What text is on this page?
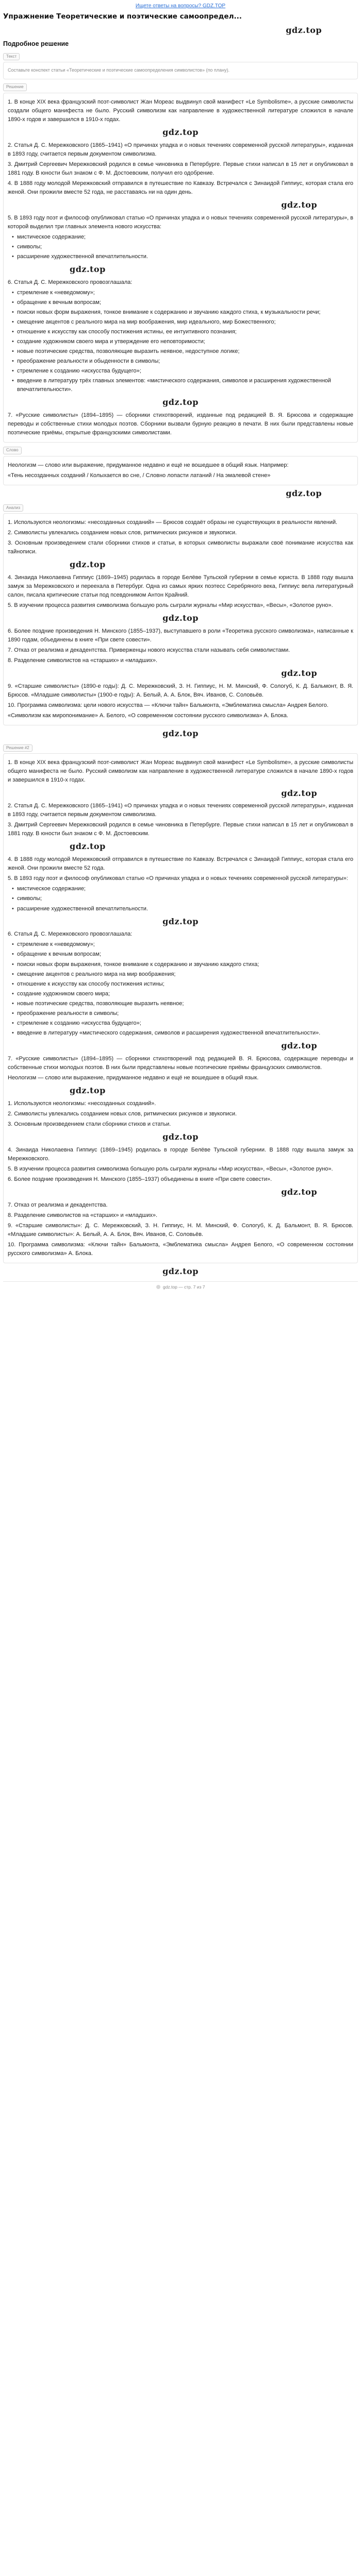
Ищете ответы на вопросы? GDZ.TOP
Упражнение Теоретические и поэтические самоопредел...
gdz.top
Подробное решение
Текст

Составьте конспект статьи «Теоретические и поэтические самоопределения символистов» (по плану).

Решение

1. В конце XIX века французский поэт-символист Жан Мореас выдвинул свой манифест «Le Symbolisme», а русские символисты создали общего манифеста не было. Русский символизм как направление в художественной литературе сложился в начале 1890-х годов и завершился в 1910-х годах.

gdz.top

2. Статья Д. С. Мережковского (1865–1941) «О причинах упадка и о новых течениях современной русской литературы», изданная в 1893 году, считается первым документом символизма.

3. Дмитрий Сергеевич Мережковский родился в семье чиновника в Петербурге. Первые стихи написал в 15 лет и опубликовал в 1881 году. В юности был знаком с Ф. М. Достоевским, получил его одобрение.

4. В 1888 году молодой Мережковский отправился в путешествие по Кавказу. Встречался с Зинаидой Гиппиус, которая стала его женой. Они прожили вместе 52 года, не расставаясь ни на один день.

gdz.top

5. В 1893 году поэт и философ опубликовал статью «О причинах упадка и о новых течениях современной русской литературы», в которой выделил три главных элемента нового искусства:

• мистическое содержание;
• символы;
• расширение художественной впечатлительности.
gdz.top

6. Статья Д. С. Мережковского провозглашала:

• стремление к «неведомому»;
• обращение к вечным вопросам;
• поиски новых форм выражения, тонкое внимание к содержанию и звучанию каждого стиха, к музыкальности речи;
• смещение акцентов с реального мира на мир воображения, мир идеального, мир Божественного;
• отношение к искусству как способу постижения истины, ее интуитивного познания;
• создание художником своего мира и утверждение его неповторимости;
• новые поэтические средства, позволяющие выразить неявное, недоступное логике;
• преображение реальности и обыденности в символы;
• стремление к созданию «искусства будущего»;
• введение в литературу трёх главных элементов: «мистического содержания, символов и расширения художественной впечатлительности».
gdz.top

7. «Русские символисты» (1894–1895) — сборники стихотворений, изданные под редакцией В. Я. Брюсова и содержащие переводы и собственные стихи молодых поэтов. Сборники вызвали бурную реакцию в печати. В них были представлены новые поэтические приёмы, открытые французскими символистами.

Слово

Неологизм — слово или выражение, придуманное недавно и ещё не вошедшее в общий язык. Например:

«Тень несозданных созданий / Колыхается во сне, / Словно лопасти латаний / На эмалевой стене»

gdz.top
Анализ

1. Используются неологизмы: «несозданных созданий» — Брюсов создаёт образы не существующих в реальности явлений.

2. Символисты увлекались созданием новых слов, ритмических рисунков и звукописи.

3. Основным произведением стали сборники стихов и статьи, в которых символисты выражали своё понимание искусства как тайнописи.

gdz.top

4. Зинаида Николаевна Гиппиус (1869–1945) родилась в городе Белёве Тульской губернии в семье юриста. В 1888 году вышла замуж за Мережковского и переехала в Петербург. Одна из самых ярких поэтесс Серебряного века, Гиппиус вела литературный салон, писала критические статьи под псевдонимом Антон Крайний.

5. В изучении процесса развития символизма большую роль сыграли журналы «Мир искусства», «Весы», «Золотое руно».

gdz.top

6. Более поздние произведения Н. Минского (1855–1937), выступавшего в роли «Теоретика русского символизма», написанные к 1890 годам, объединены в книге «При свете совести».

7. Отказ от реализма и декадентства. Приверженцы нового искусства стали называть себя символистами.

8. Разделение символистов на «старших» и «младших».

gdz.top

9. «Старшие символисты» (1890-е годы): Д. С. Мережковский, З. Н. Гиппиус, Н. М. Минский, Ф. Сологуб, К. Д. Бальмонт, В. Я. Брюсов. «Младшие символисты» (1900-е годы): А. Белый, А. А. Блок, Вяч. Иванов, С. Соловьёв.

10. Программа символизма: цели нового искусства — «Ключи тайн» Бальмонта, «Эмблематика смысла» Андрея Белого.

«Символизм как миропонимание» А. Белого, «О современном состоянии русского символизма» А. Блока.

gdz.top
Решение #2

1. В конце XIX века французский поэт-символист Жан Мореас выдвинул свой манифест «Le Symbolisme», а русские символисты общего манифеста не было. Русский символизм как направление в художественной литературе сложился в начале 1890-х годов и завершился в 1910-х годах.

gdz.top

2. Статья Д. С. Мережковского (1865–1941) «О причинах упадка и о новых течениях современной русской литературы», изданная в 1893 году, считается первым документом символизма.

3. Дмитрий Сергеевич Мережковский родился в семье чиновника в Петербурге. Первые стихи написал в 15 лет и опубликовал в 1881 году. В юности был знаком с Ф. М. Достоевским.

gdz.top

4. В 1888 году молодой Мережковский отправился в путешествие по Кавказу. Встречался с Зинаидой Гиппиус, которая стала его женой. Они прожили вместе 52 года.

5. В 1893 году поэт и философ опубликовал статью «О причинах упадка и о новых течениях современной русской литературы»:

• мистическое содержание;
• символы;
• расширение художественной впечатлительности.
gdz.top

6. Статья Д. С. Мережковского провозглашала:

• стремление к «неведомому»;
• обращение к вечным вопросам;
• поиски новых форм выражения, тонкое внимание к содержанию и звучанию каждого стиха;
• смещение акцентов с реального мира на мир воображения;
• отношение к искусству как способу постижения истины;
• создание художником своего мира;
• новые поэтические средства, позволяющие выразить неявное;
• преображение реальности в символы;
• стремление к созданию «искусства будущего»;
• введение в литературу «мистического содержания, символов и расширения художественной впечатлительности».
gdz.top

7. «Русские символисты» (1894–1895) — сборники стихотворений под редакцией В. Я. Брюсова, содержащие переводы и собственные стихи молодых поэтов. В них были представлены новые поэтические приёмы французских символистов.

Неологизм — слово или выражение, придуманное недавно и ещё не вошедшее в общий язык.

gdz.top

1. Используются неологизмы: «несозданных созданий».

2. Символисты увлекались созданием новых слов, ритмических рисунков и звукописи.

3. Основным произведением стали сборники стихов и статьи.

gdz.top

4. Зинаида Николаевна Гиппиус (1869–1945) родилась в городе Белёве Тульской губернии. В 1888 году вышла замуж за Мережковского.

5. В изучении процесса развития символизма большую роль сыграли журналы «Мир искусства», «Весы», «Золотое руно».

6. Более поздние произведения Н. Минского (1855–1937) объединены в книге «При свете совести».

gdz.top

7. Отказ от реализма и декадентства.

8. Разделение символистов на «старших» и «младших».

9. «Старшие символисты»: Д. С. Мережковский, З. Н. Гиппиус, Н. М. Минский, Ф. Сологуб, К. Д. Бальмонт, В. Я. Брюсов. «Младшие символисты»: А. Белый, А. А. Блок, Вяч. Иванов, С. Соловьёв.

10. Программа символизма: «Ключи тайн» Бальмонта, «Эмблематика смысла» Андрея Белого, «О современном состоянии русского символизма» А. Блока.

gdz.top
gdz.top — стр. 7 из 7
